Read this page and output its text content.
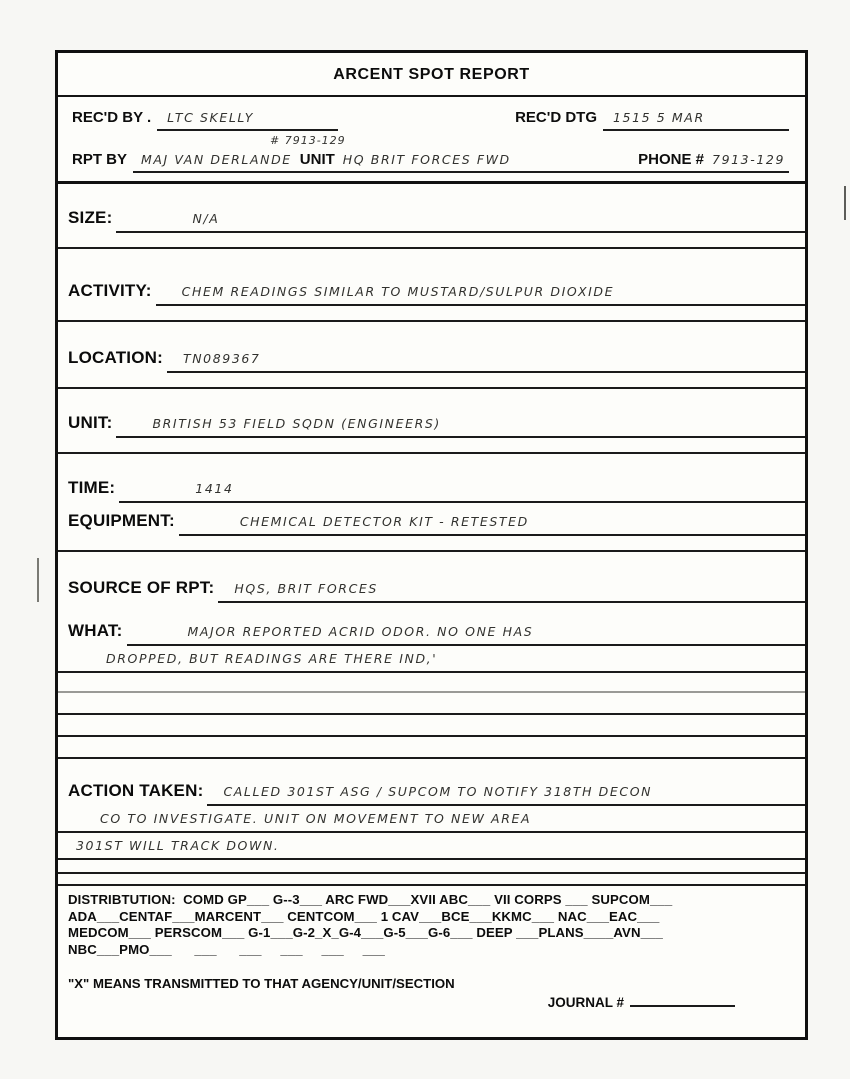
ARCENT SPOT REPORT
REC'D BY .	LTC SKELLY	REC'D DTG	1515 5 MAR
# 7913-129
RPT BY MAJ VAN DERLANDE UNIT HQ BRIT FORCES FWD	PHONE # 7913-129
SIZE:	N/A
ACTIVITY:	CHEM READINGS SIMILAR TO MUSTARD/SULPUR DIOXIDE
LOCATION:	TN089367
UNIT:	BRITISH 53 FIELD SQDN (ENGINEERS)
TIME:	1414
EQUIPMENT:	CHEMICAL DETECTOR KIT - RETESTED
SOURCE OF RPT:	HQS, BRIT FORCES
WHAT:	MAJOR REPORTED ACRID ODOR. NO ONE HAS
DROPPED, BUT READINGS ARE THERE IND,'
ACTION TAKEN:	CALLED 301ST ASG / SUPCOM TO NOTIFY 318TH DECON
CO TO INVESTIGATE. UNIT ON MOVEMENT TO NEW AREA
301ST WILL TRACK DOWN.
DISTRIBTUTION:  COMD GP___ G--3___ ARC FWD___XVII ABC___ VII CORPS ___ SUPCOM___
ADA___CENTAF___MARCENT___ CENTCOM___ 1 CAV___BCE___KKMC___ NAC___EAC___
MEDCOM___ PERSCOM___ G-1___G-2_X_G-4___G-5___G-6___ DEEP ___PLANS____AVN___
NBC___PMO___      ___      ___     ___     ___     ___
"X" MEANS TRANSMITTED TO THAT AGENCY/UNIT/SECTION
JOURNAL #
